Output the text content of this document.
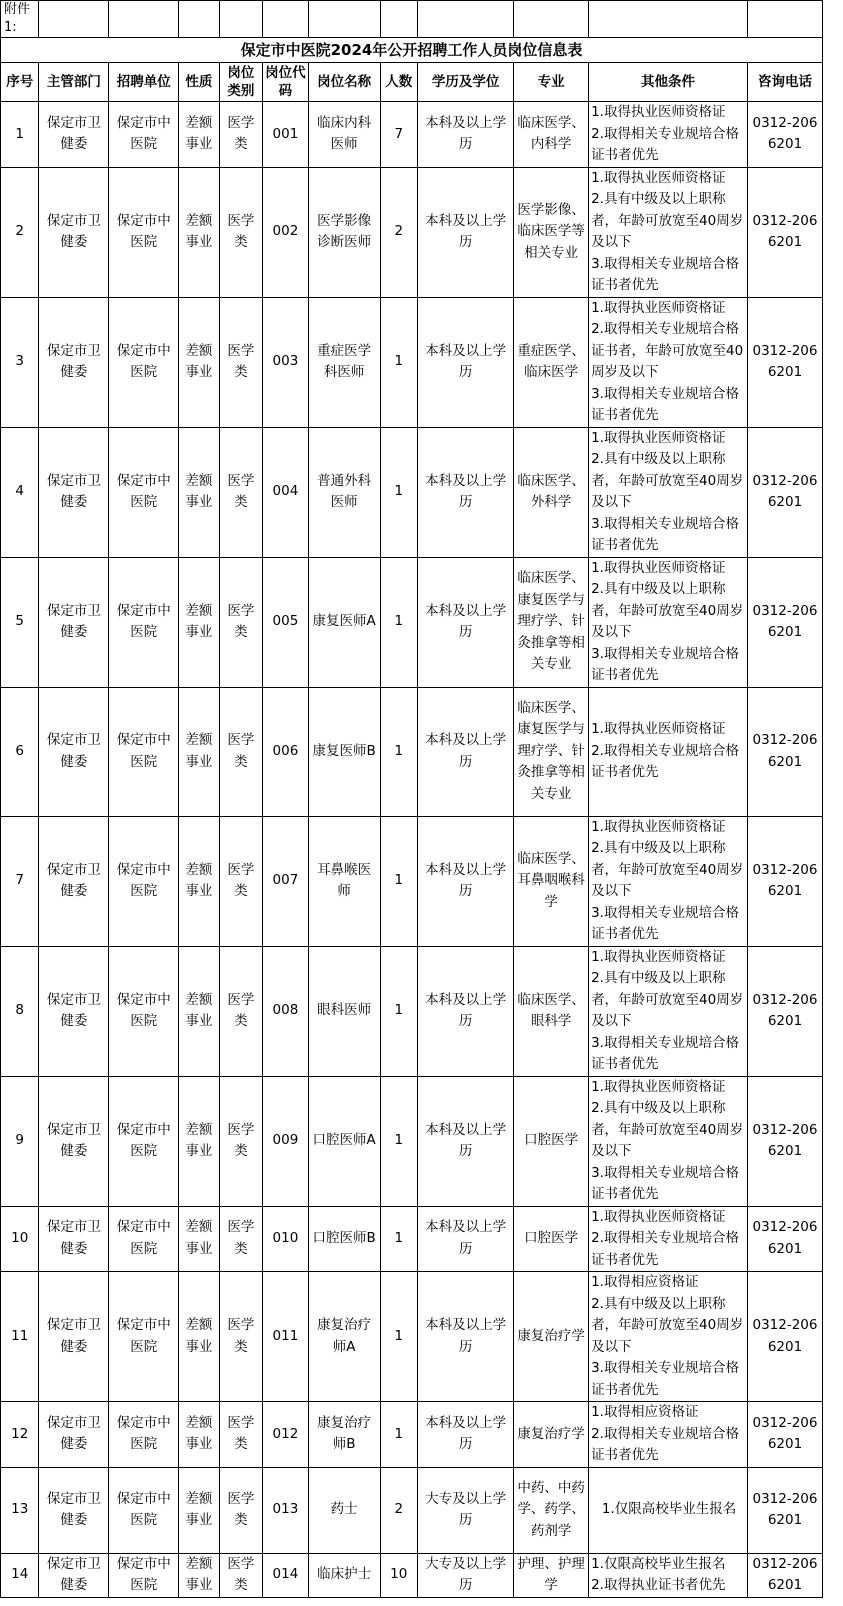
附件1:											
保定市中医院2024年公开招聘工作人员岗位信息表											
序号	主管部门	招聘单位	性质	岗位类别	岗位代码	岗位名称	人数	学历及学位	专业	其他条件	咨询电话
1	保定市卫健委	保定市中医院	差额事业	医学类	001	临床内科医师	7	本科及以上学历	临床医学、内科学	1.取得执业医师资格证
2.取得相关专业规培合格证书者优先	0312-2066201
2	保定市卫健委	保定市中医院	差额事业	医学类	002	医学影像诊断医师	2	本科及以上学历	医学影像、临床医学等相关专业	1.取得执业医师资格证
2.具有中级及以上职称者，年龄可放宽至40周岁及以下
3.取得相关专业规培合格证书者优先	0312-2066201
3	保定市卫健委	保定市中医院	差额事业	医学类	003	重症医学科医师	1	本科及以上学历	重症医学、临床医学	1.取得执业医师资格证
2.取得相关专业规培合格证书者，年龄可放宽至40周岁及以下
3.取得相关专业规培合格证书者优先	0312-2066201
4	保定市卫健委	保定市中医院	差额事业	医学类	004	普通外科医师	1	本科及以上学历	临床医学、外科学	1.取得执业医师资格证
2.具有中级及以上职称者，年龄可放宽至40周岁及以下
3.取得相关专业规培合格证书者优先	0312-2066201
5	保定市卫健委	保定市中医院	差额事业	医学类	005	康复医师A	1	本科及以上学历	临床医学、康复医学与理疗学、针灸推拿等相关专业	1.取得执业医师资格证
2.具有中级及以上职称者，年龄可放宽至40周岁及以下
3.取得相关专业规培合格证书者优先	0312-2066201
6	保定市卫健委	保定市中医院	差额事业	医学类	006	康复医师B	1	本科及以上学历	临床医学、康复医学与理疗学、针灸推拿等相关专业	1.取得执业医师资格证
2.取得相关专业规培合格证书者优先	0312-2066201
7	保定市卫健委	保定市中医院	差额事业	医学类	007	耳鼻喉医师	1	本科及以上学历	临床医学、耳鼻咽喉科学	1.取得执业医师资格证
2.具有中级及以上职称者，年龄可放宽至40周岁及以下
3.取得相关专业规培合格证书者优先	0312-2066201
8	保定市卫健委	保定市中医院	差额事业	医学类	008	眼科医师	1	本科及以上学历	临床医学、眼科学	1.取得执业医师资格证
2.具有中级及以上职称者，年龄可放宽至40周岁及以下
3.取得相关专业规培合格证书者优先	0312-2066201
9	保定市卫健委	保定市中医院	差额事业	医学类	009	口腔医师A	1	本科及以上学历	口腔医学	1.取得执业医师资格证
2.具有中级及以上职称者，年龄可放宽至40周岁及以下
3.取得相关专业规培合格证书者优先	0312-2066201
10	保定市卫健委	保定市中医院	差额事业	医学类	010	口腔医师B	1	本科及以上学历	口腔医学	1.取得执业医师资格证
2.取得相关专业规培合格证书者优先	0312-2066201
11	保定市卫健委	保定市中医院	差额事业	医学类	011	康复治疗师A	1	本科及以上学历	康复治疗学	1.取得相应资格证
2.具有中级及以上职称者，年龄可放宽至40周岁及以下
3.取得相关专业规培合格证书者优先	0312-2066201
12	保定市卫健委	保定市中医院	差额事业	医学类	012	康复治疗师B	1	本科及以上学历	康复治疗学	1.取得相应资格证
2.取得相关专业规培合格证书者优先	0312-2066201
13	保定市卫健委	保定市中医院	差额事业	医学类	013	药士	2	大专及以上学历	中药、中药学、药学、药剂学	1.仅限高校毕业生报名	0312-2066201
14	保定市卫健委	保定市中医院	差额事业	医学类	014	临床护士	10	大专及以上学历	护理、护理学	1.仅限高校毕业生报名
2.取得执业证书者优先	0312-2066201
